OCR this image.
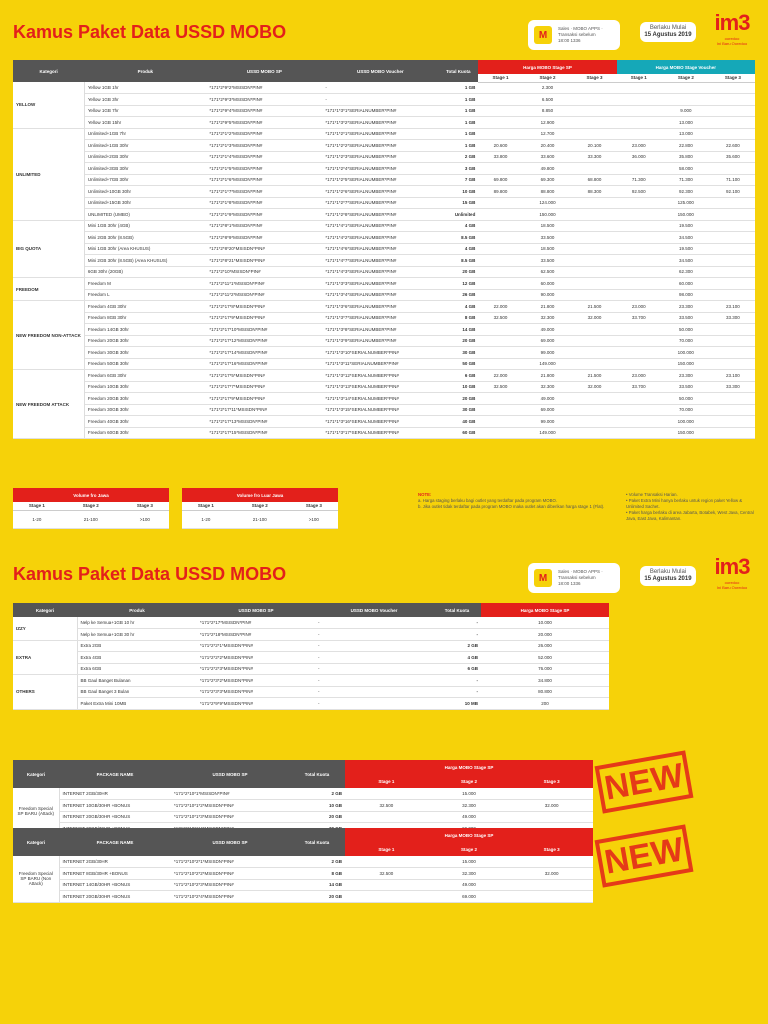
Kamus Paket Data USSD MOBO	M
Sales · MOBO APPS · Transaksi sebelum 18:00 1336
Berlaku Mulai
15 Agustus 2019	im3
ooredoo
Ini Baru Ooredoo
Kategori	Produk	USSD MOBO SP	USSD MOBO Voucher	Total Kuota	Harga MOBO Stage SP			Harga MOBO Stage Voucher		
					Stage 1	Stage 2	Stage 3	Stage 1	Stage 2	Stage 3
YELLOW	Yellow 1GB 1hr	*171*2*9*2*MSISDN*PIN#	-	1 GB		2.300				
	Yellow 1GB 3hr	*171*2*9*3*MSISDN*PIN#	-	1 GB		6.500				
	Yellow 1GB 7hr	*171*2*9*4*MSISDN*PIN#	*171*1*3*1*SERIALNUMBER*PIN#	1 GB		8.850			9.000	
	Yellow 1GB 15hr	*171*2*9*5*MSISDN*PIN#	*171*1*3*2*SERIALNUMBER*PIN#	1 GB		12.900			13.000	
UNLIMITED	Unlimited+1GB 7hr	*171*2*1*2*MSISDN*PIN#	*171*1*2*1*SERIALNUMBER*PIN#	1 GB		12.700			13.000	
	Unlimited+1GB 30hr	*171*2*1*3*MSISDN*PIN#	*171*1*2*2*SERIALNUMBER*PIN#	1 GB	20.600	20.400	20.100	23.000	22.800	22.600
	Unlimited+2GB 30hr	*171*2*1*4*MSISDN*PIN#	*171*1*2*3*SERIALNUMBER*PIN#	2 GB	33.800	33.600	33.300	36.000	35.800	35.600
	Unlimited+3GB 30hr	*171*2*1*5*MSISDN*PIN#	*171*1*2*4*SERIALNUMBER*PIN#	3 GB		49.800			58.000	
	Unlimited+7GB 30hr	*171*2*1*6*MSISDN*PIN#	*171*1*2*5*SERIALNUMBER*PIN#	7 GB	69.800	69.300	68.800	71.300	71.300	71.100
	Unlimited+10GB 30hr	*171*2*1*7*MSISDN*PIN#	*171*1*2*6*SERIALNUMBER*PIN#	10 GB	89.800	88.800	88.300	92.500	92.300	92.100
	Unlimited+15GB 30hr	*171*2*1*8*MSISDN*PIN#	*171*1*2*7*SERIALNUMBER*PIN#	15 GB		124.000			125.000	
	UNLIMITED (UMBO)	*171*2*1*9*MSISDN*PIN#	*171*1*2*8*SERIALNUMBER*PIN#	Unlimited		150.000			150.000	
BIG QUOTA	Mini 1GB 30hr (4GB)	*171*2*8*1*MSISDN*PIN#	*171*1*4*1*SERIALNUMBER*PIN#	4 GB		18.500			19.500	
	Mini 2GB 30hr (8.5GB)	*171*2*8*9*MSISDN*PIN#	*171*1*4*2*SERIALNUMBER*PIN#	8.5 GB		33.500			34.500	
	Mini 1GB 30hr (Area KHUSUS)	*171*2*8*20*MSISDN*PIN#	*171*1*4*6*SERIALNUMBER*PIN#	4 GB		18.500			19.500	
	Mini 2GB 30hr (8.5GB) (Area KHUSUS)	*171*2*8*21*MSISDN*PIN#	*171*1*4*7*SERIALNUMBER*PIN#	8.5 GB		33.500			34.500	
	6GB 30hr (20GB)	*171*2*10*MSISDN*PIN#	*171*1*4*3*SERIALNUMBER*PIN#	20 GB		62.500			62.300	
FREEDOM	Freedom M	*171*2*11*1*MSISDN*PIN#	*171*1*3*3*SERIALNUMBER*PIN#	12 GB		60.000			60.000	
	Freedom L	*171*2*11*2*MSISDN*PIN#	*171*1*3*4*SERIALNUMBER*PIN#	26 GB		90.000			98.000	
NEW FREEDOM NON-ATTACK	Freedom 4GB 30hr	*171*2*17*8*MSISDN*PIN#	*171*1*3*6*SERIALNUMBER*PIN#	4 GB	22.000	21.800	21.500	23.000	23.300	23.100
	Freedom 8GB 30hr	*171*2*17*9*MSISDN*PIN#	*171*1*3*7*SERIALNUMBER*PIN#	8 GB	32.500	32.300	32.000	33.700	33.500	33.300
	Freedom 14GB 30hr	*171*2*17*10*MSISDN*PIN#	*171*1*3*8*SERIALNUMBER*PIN#	14 GB		49.000			50.000	
	Freedom 20GB 30hr	*171*2*17*12*MSISDN*PIN#	*171*1*3*9*SERIALNUMBER*PIN#	20 GB		69.000			70.000	
	Freedom 30GB 30hr	*171*2*17*14*MSISDN*PIN#	*171*1*3*10*SERIALNUMBER*PIN#	30 GB		99.000			100.000	
	Freedom 50GB 30hr	*171*2*17*16*MSISDN*PIN#	*171*1*3*11*SERIALNUMBER*PIN#	50 GB		149.000			150.000	
NEW FREEDOM ATTACK	Freedom 6GB 30hr	*171*2*17*5*MSISDN*PIN#	*171*1*3*12*SERIALNUMBER*PIN#	6 GB	22.000	21.800	21.500	23.000	23.300	23.100
	Freedom 10GB 30hr	*171*2*17*7*MSISDN*PIN#	*171*1*3*13*SERIALNUMBER*PIN#	10 GB	32.500	32.300	32.000	33.700	33.500	33.300
	Freedom 20GB 30hr	*171*2*17*9*MSISDN*PIN#	*171*1*3*14*SERIALNUMBER*PIN#	20 GB		49.000			50.000	
	Freedom 30GB 30hr	*171*2*17*11*MSISDN*PIN#	*171*1*3*15*SERIALNUMBER*PIN#	30 GB		69.000			70.000	
	Freedom 40GB 30hr	*171*2*17*13*MSISDN*PIN#	*171*1*3*16*SERIALNUMBER*PIN#	40 GB		99.000			100.000	
	Freedom 60GB 30hr	*171*2*17*15*MSISDN*PIN#	*171*1*3*17*SERIALNUMBER*PIN#	60 GB		149.000			150.000	
Volume fro Jawa		
Stage 1	Stage 2	Stage 3
1-20	21-100	>100
Volume fro Luar Jawa		
Stage 1	Stage 2	Stage 3
1-20	21-100	>100
NOTE:
a. Harga staging berlaku bagi outlet yang terdaftar pada program MOBO.
b. Jika outlet tidak terdaftar pada program MOBO maka outlet akan diberikan harga stage 1 (Flat).
• Volume Transaksi Harian.
• Paket Extra Mini hanya berlaku untuk region paket Yellow & Unlimited Sachet.
• Paket harga berlaku di area Jabarta, Botabek, West Java, Central Java, East Java, Kalimantan.
Kamus Paket Data USSD MOBO	M
Sales · MOBO APPS · Transaksi sebelum 18:00 1336
Berlaku Mulai
15 Agustus 2019	im3
ooredoo
Ini Baru Ooredoo
Kategori	Produk	USSD MOBO SP	USSD MOBO Voucher	Total Kuota	Harga MOBO Stage SP
IZZY	Nelp ke Semua+1GB 10 hr	*171*2*17*MSISDN*PIN#	-	-	10.000
	Nelp ke Semua+1GB 30 hr	*171*2*18*MSISDN*PIN#	-	-	20.000
EXTRA	Extra 2GB	*171*2*2*1*MSISDN*PIN#	-	2 GB	26.000
	Extra 4GB	*171*2*2*2*MSISDN*PIN#	-	4 GB	52.000
	Extra 6GB	*171*2*2*3*MSISDN*PIN#	-	6 GB	76.000
OTHERS	BB Gaul Banget Bulanan	*171*2*3*2*MSISDN*PIN#	-	-	34.800
	BB Gaul Banget 3 Bulan	*171*2*3*3*MSISDN*PIN#	-	-	80.800
	Paket Extra Mini 10MB	*171*2*9*9*MSISDN*PIN#	-	10 MB	200
Kategori	PACKAGE NAME	USSD MOBO SP	Total Kuota	Harga MOBO Stage SP		
				Stage 1	Stage 2	Stage 3
Freedom Special SP BARU (Attack)	INTERNET 2GB/30HR	*171*2*10*1*MSISDN*PIN#	2 GB		15.000	
	INTERNET 10GB/30HR +BONUS	*171*2*10*1*2*MSISDN*PIN#	10 GB	32.500	32.300	32.000
	INTERNET 20GB/30HR +BONUS	*171*2*10*1*3*MSISDN*PIN#	20 GB		49.000	

NEW
Kategori	PACKAGE NAME	USSD MOBO SP	Total Kuota	Harga MOBO Stage SP		
				Stage 1	Stage 2	Stage 3
Freedom Special SP BARU (Non Attack)	INTERNET 2GB/30HR	*171*2*10*2*1*MSISDN*PIN#	2 GB		15.000	
	INTERNET 8GB/30HR +BONUS	*171*2*10*2*2*MSISDN*PIN#	8 GB	32.500	32.300	32.000
	INTERNET 14GB/30HR +BONUS	*171*2*10*2*3*MSISDN*PIN#	14 GB		49.000	
	INTERNET 20GB/30HR +BONUS	*171*2*10*2*4*MSISDN*PIN#	20 GB		69.000	
NEW
